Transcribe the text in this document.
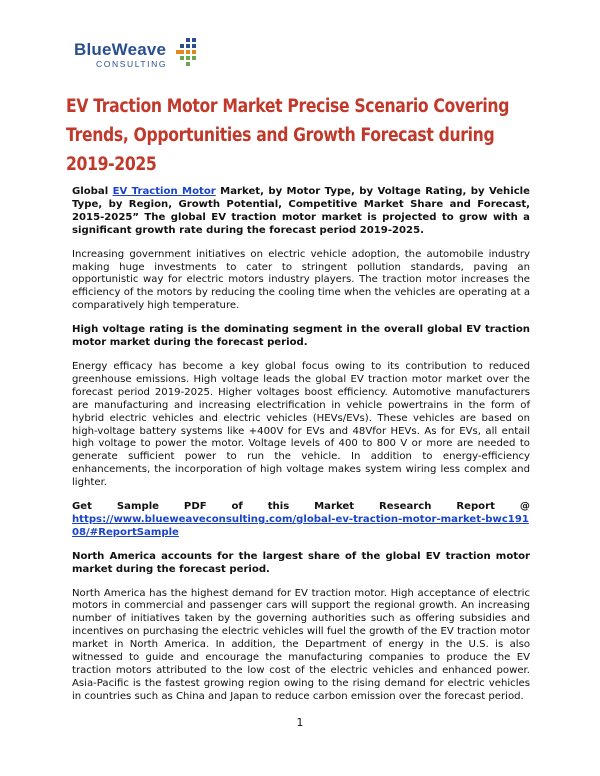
BlueWeave
CONSULTING
EV Traction Motor Market Precise Scenario Covering Trends, Opportunities and Growth Forecast during 2019-2025

Global EV Traction Motor Market, by Motor Type, by Voltage Rating, by Vehicle Type, by Region, Growth Potential, Competitive Market Share and Forecast, 2015-2025” The global EV traction motor market is projected to grow with a significant growth rate during the forecast period 2019-2025.

Increasing government initiatives on electric vehicle adoption, the automobile industry making huge investments to cater to stringent pollution standards, paving an opportunistic way for electric motors industry players. The traction motor increases the efficiency of the motors by reducing the cooling time when the vehicles are operating at a comparatively high temperature.

High voltage rating is the dominating segment in the overall global EV traction motor market during the forecast period.

Energy efficacy has become a key global focus owing to its contribution to reduced greenhouse emissions. High voltage leads the global EV traction motor market over the forecast period 2019-2025. Higher voltages boost efficiency. Automotive manufacturers are manufacturing and increasing electrification in vehicle powertrains in the form of hybrid electric vehicles and electric vehicles (HEVs/EVs). These vehicles are based on high-voltage battery systems like +400V for EVs and 48Vfor HEVs. As for EVs, all entail high voltage to power the motor. Voltage levels of 400 to 800 V or more are needed to generate sufficient power to run the vehicle. In addition to energy-efficiency enhancements, the incorporation of high voltage makes system wiring less complex and lighter.

Get Sample PDF of this Market Research Report @
https://www.blueweaveconsulting.com/global-ev-traction-motor-market-bwc19108/#ReportSample

North America accounts for the largest share of the global EV traction motor market during the forecast period.

North America has the highest demand for EV traction motor. High acceptance of electric motors in commercial and passenger cars will support the regional growth. An increasing number of initiatives taken by the governing authorities such as offering subsidies and incentives on purchasing the electric vehicles will fuel the growth of the EV traction motor market in North America. In addition, the Department of energy in the U.S. is also witnessed to guide and encourage the manufacturing companies to produce the EV traction motors attributed to the low cost of the electric vehicles and enhanced power. Asia-Pacific is the fastest growing region owing to the rising demand for electric vehicles in countries such as China and Japan to reduce carbon emission over the forecast period.

1
